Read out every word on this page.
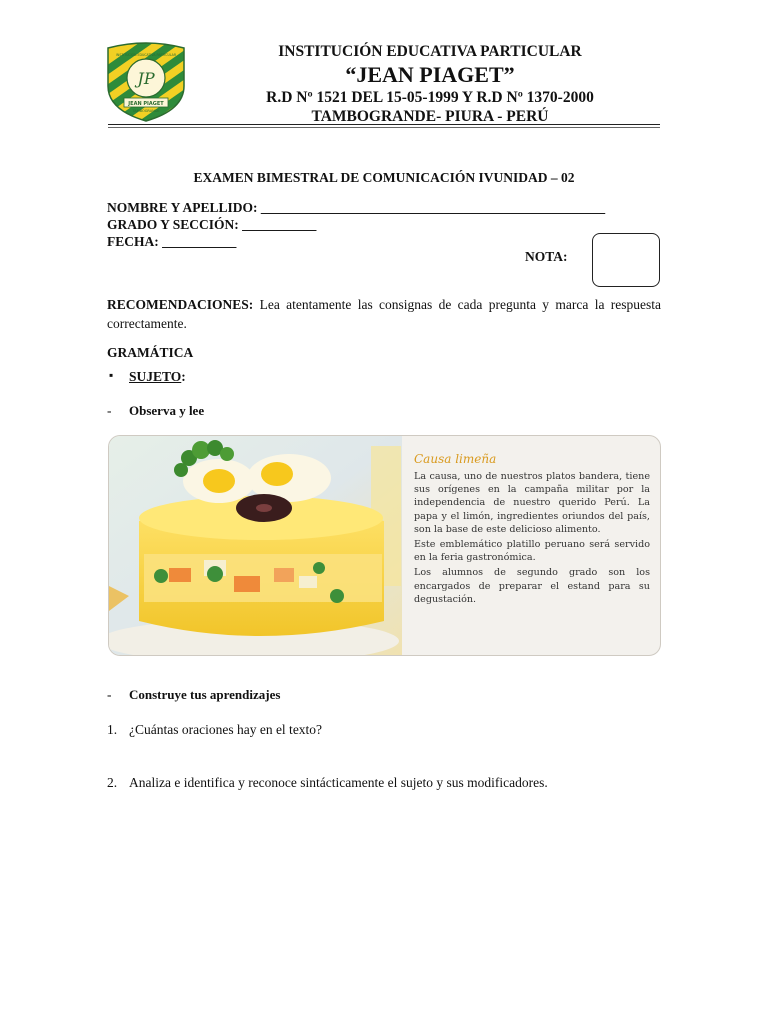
JP
JEAN PIAGET
TAMBOGRANDE
INSTITUCIÓN EDUCATIVA PARTICULAR	INSTITUCIÓN EDUCATIVA PARTICULAR
“JEAN PIAGET”
R.D Nº 1521 DEL 15-05-1999 Y R.D Nº 1370-2000
TAMBOGRANDE- PIURA - PERÚ
EXAMEN BIMESTRAL DE COMUNICACIÓN IVUNIDAD – 02
NOMBRE Y APELLIDO: ___________________________________________________
GRADO Y SECCIÓN: ___________
FECHA: ___________
NOTA:
RECOMENDACIONES: Lea atentamente las consignas de cada pregunta y marca la respuesta correctamente.
GRAMÁTICA
▪ SUJETO:
- Observa y lee
Causa limeña

La causa, uno de nuestros platos bandera, tiene sus orígenes en la campaña militar por la independencia de nuestro querido Perú. La papa y el limón, ingredientes oriundos del país, son la base de este delicioso alimento.

Este emblemático platillo peruano será servido en la feria gastronómica.

Los alumnos de segundo grado son los encargados de preparar el estand para su degustación.

- Construye tus aprendizajes
1. ¿Cuántas oraciones hay en el texto?
2. Analiza e identifica y reconoce sintácticamente el sujeto y sus modificadores.
